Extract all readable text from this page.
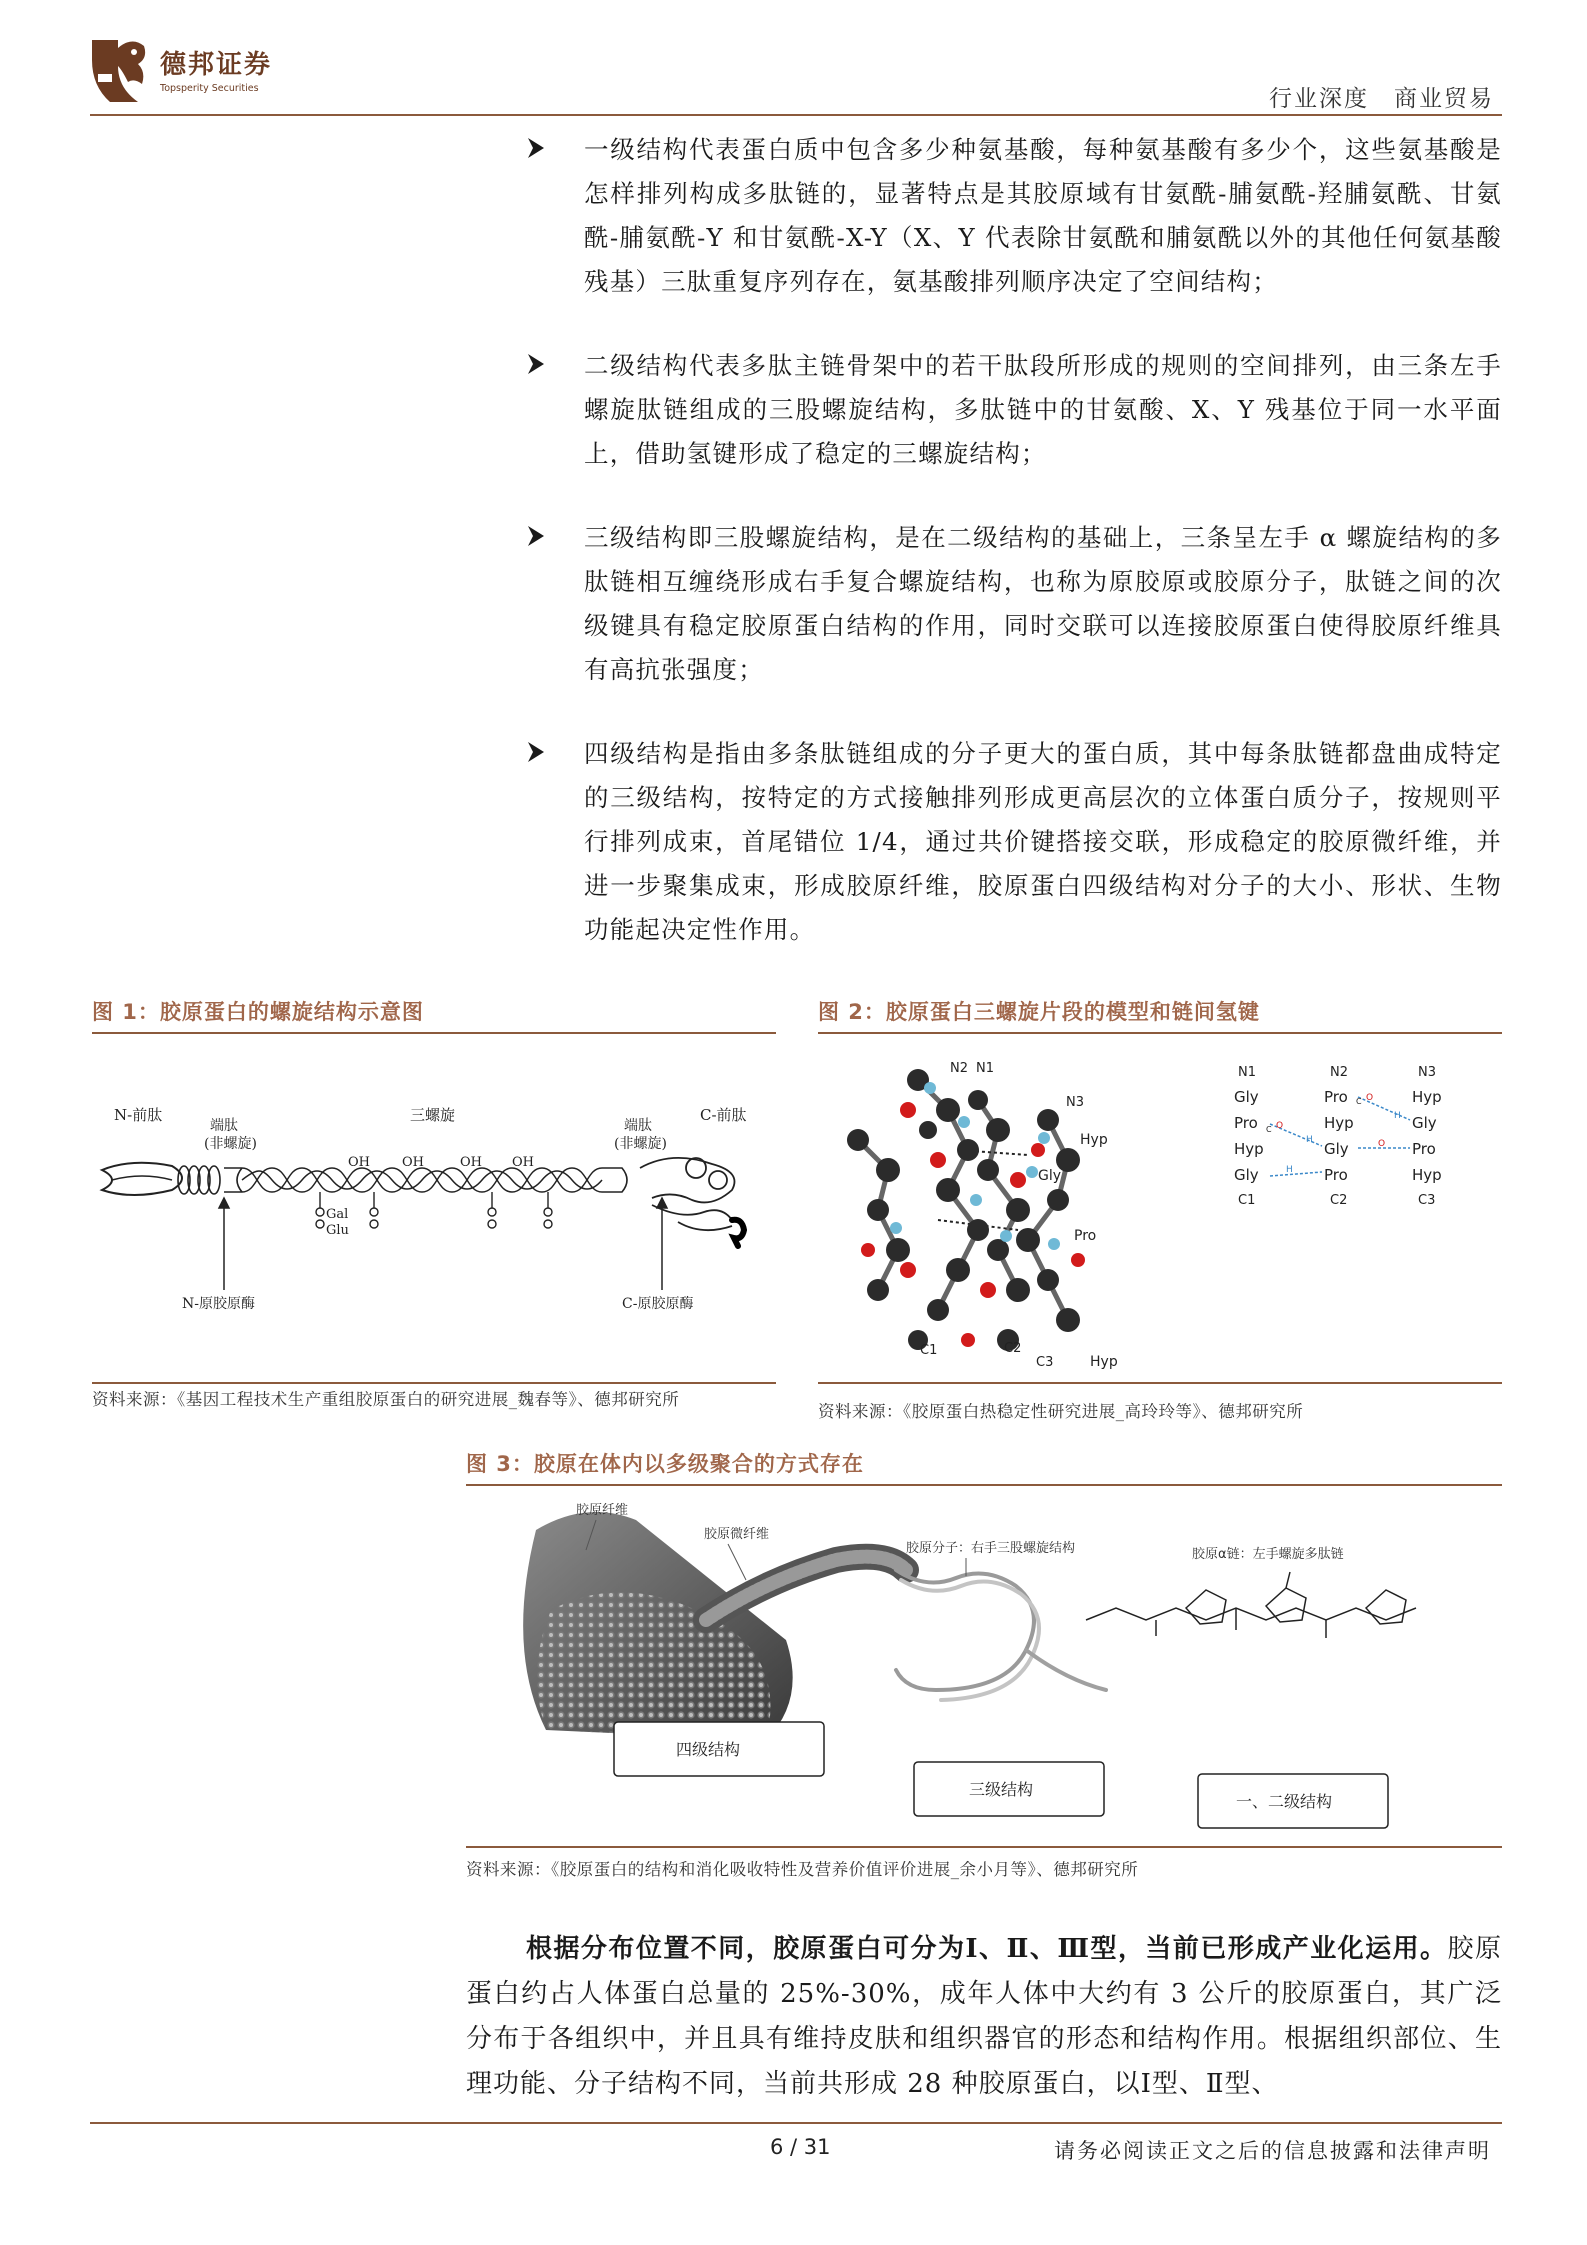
德邦证券
Topsperity Securities	行业深度　商业贸易

一级结构代表蛋白质中包含多少种氨基酸，每种氨基酸有多少个，这些氨基酸是怎样排列构成多肽链的，显著特点是其胶原域有甘氨酰-脯氨酰-羟脯氨酰、甘氨酰-脯氨酰-Y 和甘氨酰-X-Y（X、Y 代表除甘氨酰和脯氨酰以外的其他任何氨基酸残基）三肽重复序列存在，氨基酸排列顺序决定了空间结构；

二级结构代表多肽主链骨架中的若干肽段所形成的规则的空间排列，由三条左手螺旋肽链组成的三股螺旋结构，多肽链中的甘氨酸、X、Y 残基位于同一水平面上，借助氢键形成了稳定的三螺旋结构；

三级结构即三股螺旋结构，是在二级结构的基础上，三条呈左手 α 螺旋结构的多肽链相互缠绕形成右手复合螺旋结构，也称为原胶原或胶原分子，肽链之间的次级键具有稳定胶原蛋白结构的作用，同时交联可以连接胶原蛋白使得胶原纤维具有高抗张强度；

四级结构是指由多条肽链组成的分子更大的蛋白质，其中每条肽链都盘曲成特定的三级结构，按特定的方式接触排列形成更高层次的立体蛋白质分子，按规则平行排列成束，首尾错位 1/4，通过共价键搭接交联，形成稳定的胶原微纤维，并进一步聚集成束，形成胶原纤维，胶原蛋白四级结构对分子的大小、形状、生物功能起决定性作用。

图 1：胶原蛋白的螺旋结构示意图
N-前肽
端肽
(非螺旋)
三螺旋
端肽
(非螺旋)
C-前肽
OH OH	OH OH
Gal
Glu
N-原胶原酶	C-原胶原酶
资料来源：《基因工程技术生产重组胶原蛋白的研究进展_魏春等》、德邦研究所
图 2：胶原蛋白三螺旋片段的模型和链间氢键
N2 N1
N3
Hyp
Gly
Pro
C1	C2
C3	Hyp
N1	N2	N3
Gly	Pro	Hyp
Pro	Hyp	Gly
Hyp	Gly	Pro
Gly	Pro	Hyp
C1	C2	C3
C O
H
C O
H	O
H
资料来源：《胶原蛋白热稳定性研究进展_高玲玲等》、德邦研究所
图 3：胶原在体内以多级聚合的方式存在
胶原纤维
胶原微纤维
胶原分子：右手三股螺旋结构	胶原α链：左手螺旋多肽链
四级结构
三级结构
一、二级结构
资料来源：《胶原蛋白的结构和消化吸收特性及营养价值评价进展_余小月等》、德邦研究所

根据分布位置不同，胶原蛋白可分为Ⅰ、Ⅱ、Ⅲ型，当前已形成产业化运用。胶原蛋白约占人体蛋白总量的 25%-30%，成年人体中大约有 3 公斤的胶原蛋白，其广泛分布于各组织中，并且具有维持皮肤和组织器官的形态和结构作用。根据组织部位、生理功能、分子结构不同，当前共形成 28 种胶原蛋白，以Ⅰ型、Ⅱ型、

6 / 31	请务必阅读正文之后的信息披露和法律声明
